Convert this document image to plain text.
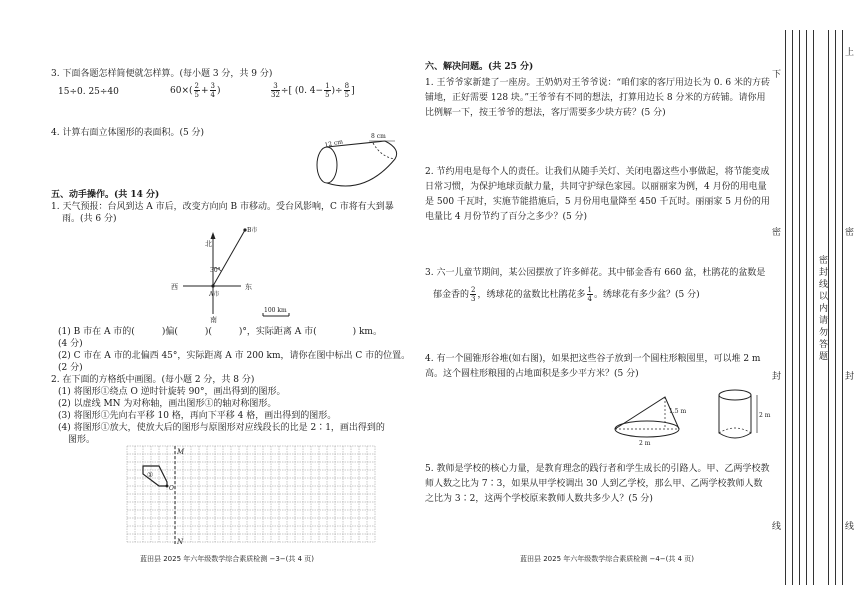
3. 下面各题怎样简便就怎样算。(每小题 3 分，共 9 分)
15÷0. 25÷40	$60\times( \frac{2}{5} + \frac{3}{4}$ )	$\frac{3}{32}$ ÷[ (0. $4- \frac{1}{5}$ )÷ $\frac{8}{5}$ ]
4. 计算右面立体图形的表面积。(5 分)
12 cm
8 cm
五、动手操作。(共 14 分)
1. 天气预报：台风到达 A 市后，改变方向向 B 市移动。受台风影响，C 市将有大到暴
雨。(共 6 分)
北
南
东
西
B市
A市
30°
100 km
(1) B 市在 A 市的(　　　)偏(　　　)(　　　)°，实际距离 A 市(　　　　) km。
(4 分)
(2) C 市在 A 市的北偏西 45°，实际距离 A 市 200 km，请你在图中标出 C 市的位置。
(2 分)
2. 在下面的方格纸中画图。(每小题 2 分，共 8 分)
(1) 将图形①绕点 O 逆时针旋转 90°，画出得到的图形。
(2) 以虚线 MN 为对称轴，画出图形①的轴对称图形。
(3) 将图形①先向右平移 10 格，再向下平移 4 格，画出得到的图形。
(4) 将图形①放大，使放大后的图形与原图形对应线段长的比是 2∶1，画出得到的
图形。
M
N
O
①
蓝田县 2025 年六年级数学综合素质检测 −3−(共 4 页)
六、解决问题。(共 25 分)
1. 王爷爷家新建了一座房。王奶奶对王爷爷说：“咱们家的客厅用边长为 0. 6 米的方砖铺地，正好需要 128 块。”王爷爷有不同的想法，打算用边长 8 分米的方砖铺。请你用比例解一下，按王爷爷的想法，客厅需要多少块方砖？(5 分)
2. 节约用电是每个人的责任。让我们从随手关灯、关闭电器这些小事做起，将节能变成日常习惯，为保护地球贡献力量，共同守护绿色家园。以丽丽家为例，4 月份的用电量是 500 千瓦时，实施节能措施后，5 月份用电量降至 450 千瓦时。丽丽家 5 月份的用电量比 4 月份节约了百分之多少？(5 分)
3. 六一儿童节期间，某公园摆放了许多鲜花。其中郁金香有 660 盆，杜鹃花的盆数是
郁金香的 $\frac{2}{3}$ ，绣球花的盆数比杜鹃花多 $\frac{1}{4}$ 。绣球花有多少盆？(5 分)
4. 有一个圆锥形谷堆(如右图)，如果把这些谷子放到一个圆柱形粮囤里，可以堆 2 m 高。这个圆柱形粮囤的占地面积是多少平方米？(5 分)
1.5 m
2 m
2 m
5. 教师是学校的核心力量，是教育理念的践行者和学生成长的引路人。甲、乙两学校教师人数之比为 7∶3，如果从甲学校调出 30 人到乙学校，那么甲、乙两学校教师人数之比为 3∶2，这两个学校原来教师人数共多少人？(5 分)
蓝田县 2025 年六年级数学综合素质检测 −4−(共 4 页)
下
上
密	密
密封线以内请勿答题
封	封
线	线
